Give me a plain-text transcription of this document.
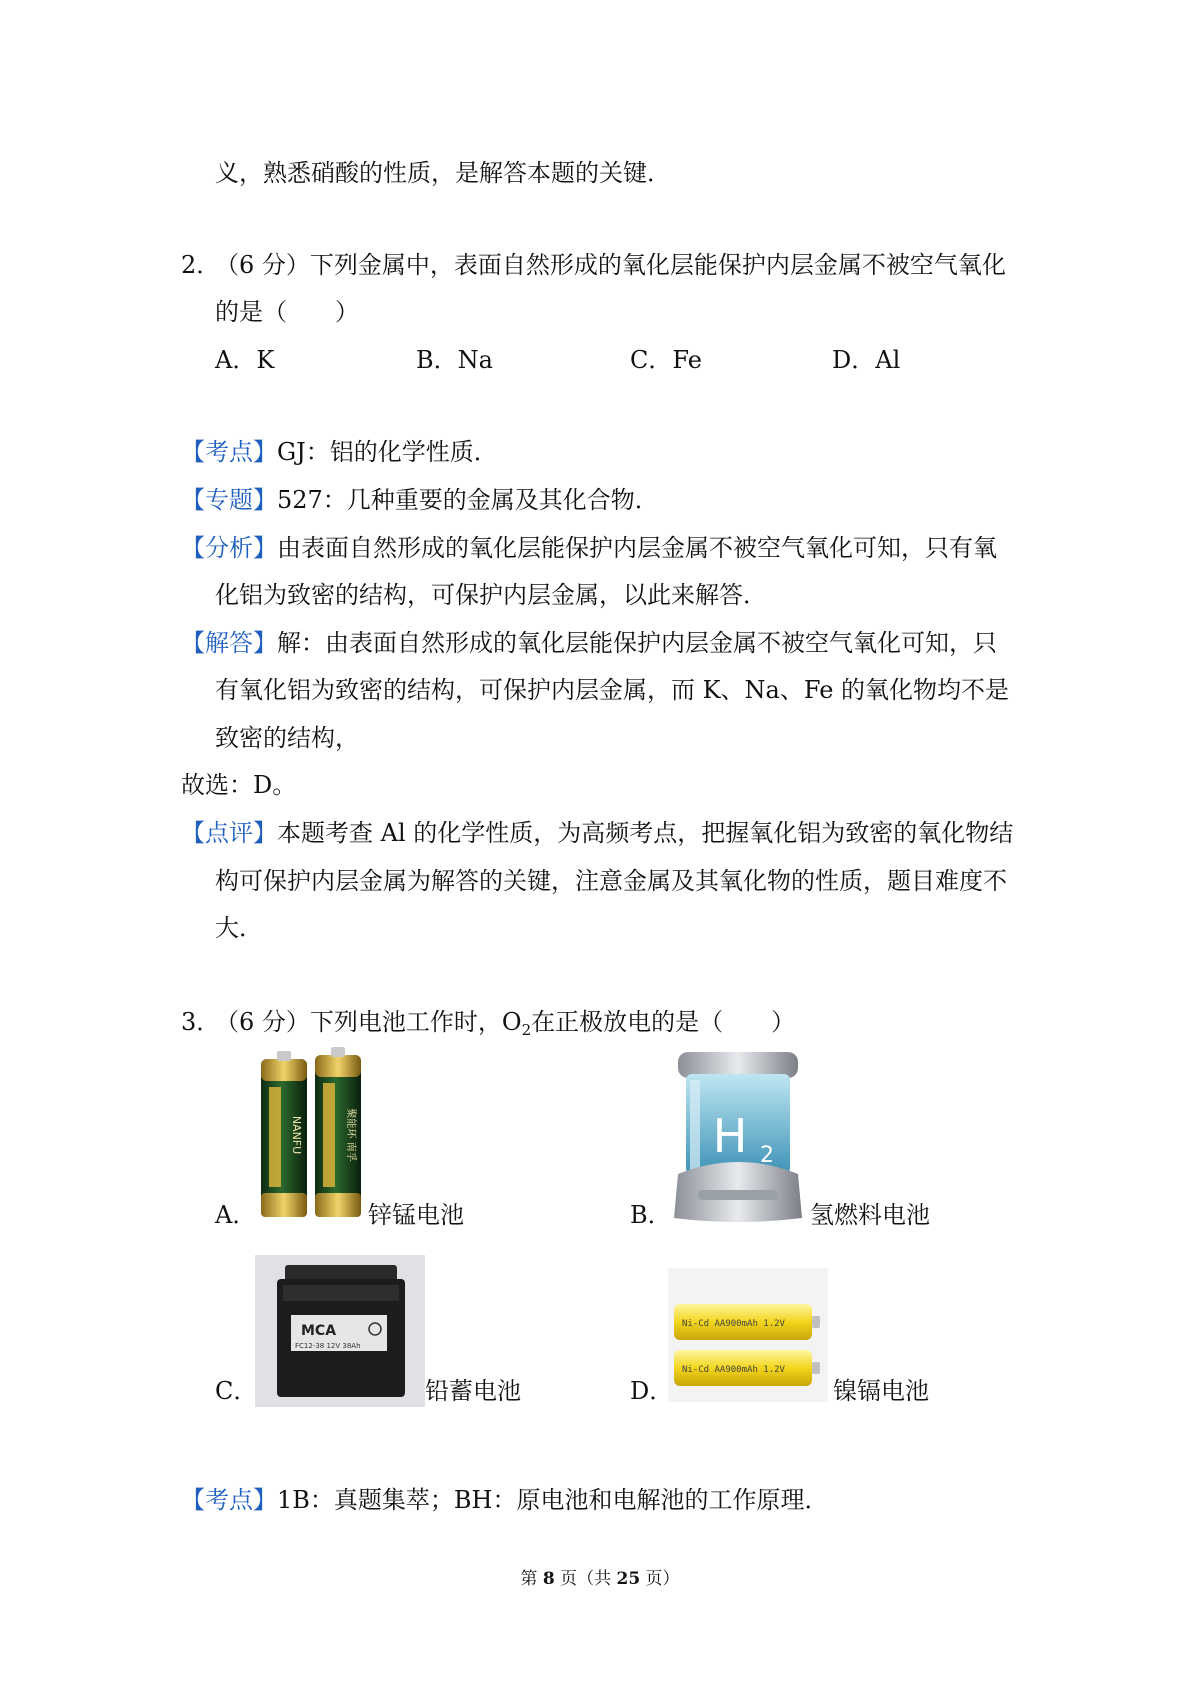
义，熟悉硝酸的性质，是解答本题的关键．
2．
（6 分）下列金属中，表面自然形成的氧化层能保护内层金属不被空气氧化
的是（　　）
A．K	B．Na	C．Fe	D．Al
【考点】GJ：铝的化学性质．
【专题】527：几种重要的金属及其化合物．
【分析】由表面自然形成的氧化层能保护内层金属不被空气氧化可知，只有氧
化铝为致密的结构，可保护内层金属，以此来解答．
【解答】解：由表面自然形成的氧化层能保护内层金属不被空气氧化可知，只
有氧化铝为致密的结构，可保护内层金属，而 K、Na、Fe 的氧化物均不是
致密的结构，
故选：D。
【点评】本题考查 Al 的化学性质，为高频考点，把握氧化铝为致密的氧化物结
构可保护内层金属为解答的关键，注意金属及其氧化物的性质，题目难度不
大．
3．
（6 分）下列电池工作时，$O_2$在正极放电的是（　　）
NANFU	聚能环 南孚
A．	锌锰电池
H 2
B．	氢燃料电池
MCA
FC12-38 12V 38Ah
C．	铅蓄电池
Ni-Cd AA900mAh 1.2V
Ni-Cd AA900mAh 1.2V
D．	镍镉电池
【考点】1B：真题集萃；BH：原电池和电解池的工作原理．
第 8 页（共 25 页）
